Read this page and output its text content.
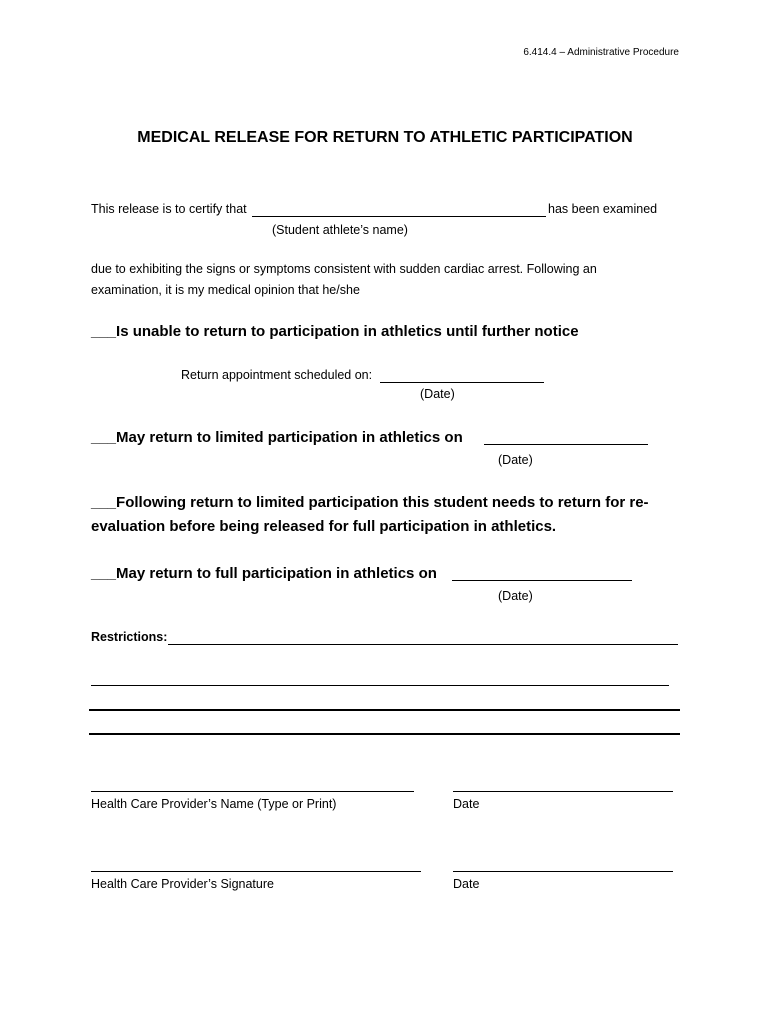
6.414.4 – Administrative Procedure
MEDICAL RELEASE FOR RETURN TO ATHLETIC PARTICIPATION
This release is to certify that	has been examined
(Student athlete’s name)
due to exhibiting the signs or symptoms consistent with sudden cardiac arrest. Following an
examination, it is my medical opinion that he/she
___Is unable to return to participation in athletics until further notice
Return appointment scheduled on:
(Date)
___May return to limited participation in athletics on
(Date)
___Following return to limited participation this student needs to return for re-
evaluation before being released for full participation in athletics.
___May return to full participation in athletics on
(Date)
Restrictions:
Health Care Provider’s Name (Type or Print)	Date
Health Care Provider’s Signature	Date
